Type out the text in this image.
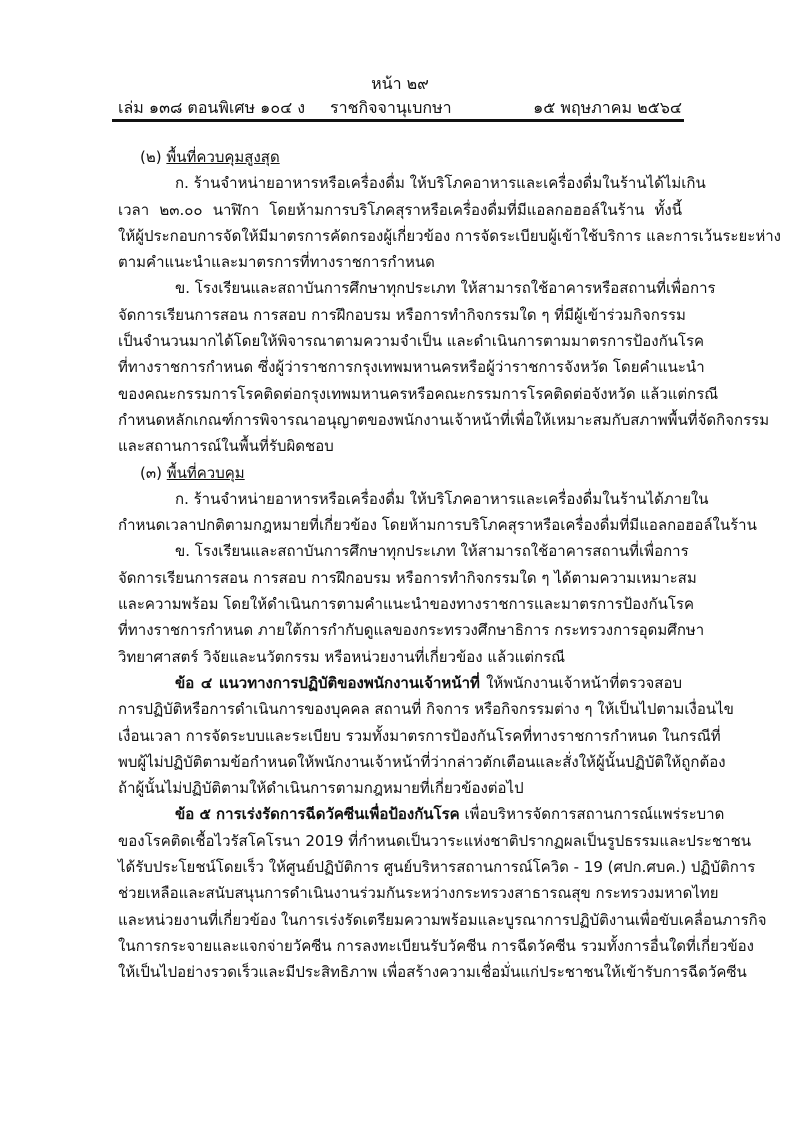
หน้า ๒๙
เล่ม ๑๓๘ ตอนพิเศษ ๑๐๔ ง ราชกิจจานุเบกษา	๑๕ พฤษภาคม ๒๕๖๔
(๒) พื้นที่ควบคุมสูงสุด
ก. ร้านจำหน่ายอาหารหรือเครื่องดื่ม ให้บริโภคอาหารและเครื่องดื่มในร้านได้ไม่เกิน
เวลา ๒๓.๐๐ นาฬิกา โดยห้ามการบริโภคสุราหรือเครื่องดื่มที่มีแอลกอฮอล์ในร้าน ทั้งนี้
ให้ผู้ประกอบการจัดให้มีมาตรการคัดกรองผู้เกี่ยวข้อง การจัดระเบียบผู้เข้าใช้บริการ และการเว้นระยะห่าง
ตามคำแนะนำและมาตรการที่ทางราชการกำหนด
ข. โรงเรียนและสถาบันการศึกษาทุกประเภท ให้สามารถใช้อาคารหรือสถานที่เพื่อการ
จัดการเรียนการสอน การสอบ การฝึกอบรม หรือการทำกิจกรรมใด ๆ ที่มีผู้เข้าร่วมกิจกรรม
เป็นจำนวนมากได้โดยให้พิจารณาตามความจำเป็น และดำเนินการตามมาตรการป้องกันโรค
ที่ทางราชการกำหนด ซึ่งผู้ว่าราชการกรุงเทพมหานครหรือผู้ว่าราชการจังหวัด โดยคำแนะนำ
ของคณะกรรมการโรคติดต่อกรุงเทพมหานครหรือคณะกรรมการโรคติดต่อจังหวัด แล้วแต่กรณี
กำหนดหลักเกณฑ์การพิจารณาอนุญาตของพนักงานเจ้าหน้าที่เพื่อให้เหมาะสมกับสภาพพื้นที่จัดกิจกรรม
และสถานการณ์ในพื้นที่รับผิดชอบ
(๓) พื้นที่ควบคุม
ก. ร้านจำหน่ายอาหารหรือเครื่องดื่ม ให้บริโภคอาหารและเครื่องดื่มในร้านได้ภายใน
กำหนดเวลาปกติตามกฎหมายที่เกี่ยวข้อง โดยห้ามการบริโภคสุราหรือเครื่องดื่มที่มีแอลกอฮอล์ในร้าน
ข. โรงเรียนและสถาบันการศึกษาทุกประเภท ให้สามารถใช้อาคารสถานที่เพื่อการ
จัดการเรียนการสอน การสอบ การฝึกอบรม หรือการทำกิจกรรมใด ๆ ได้ตามความเหมาะสม
และความพร้อม โดยให้ดำเนินการตามคำแนะนำของทางราชการและมาตรการป้องกันโรค
ที่ทางราชการกำหนด ภายใต้การกำกับดูแลของกระทรวงศึกษาธิการ กระทรวงการอุดมศึกษา
วิทยาศาสตร์ วิจัยและนวัตกรรม หรือหน่วยงานที่เกี่ยวข้อง แล้วแต่กรณี
ข้อ ๔ แนวทางการปฏิบัติของพนักงานเจ้าหน้าที่ ให้พนักงานเจ้าหน้าที่ตรวจสอบ
การปฏิบัติหรือการดำเนินการของบุคคล สถานที่ กิจการ หรือกิจกรรมต่าง ๆ ให้เป็นไปตามเงื่อนไข
เงื่อนเวลา การจัดระบบและระเบียบ รวมทั้งมาตรการป้องกันโรคที่ทางราชการกำหนด ในกรณีที่
พบผู้ไม่ปฏิบัติตามข้อกำหนดให้พนักงานเจ้าหน้าที่ว่ากล่าวตักเตือนและสั่งให้ผู้นั้นปฏิบัติให้ถูกต้อง
ถ้าผู้นั้นไม่ปฏิบัติตามให้ดำเนินการตามกฎหมายที่เกี่ยวข้องต่อไป
ข้อ ๕ การเร่งรัดการฉีดวัคซีนเพื่อป้องกันโรค เพื่อบริหารจัดการสถานการณ์แพร่ระบาด
ของโรคติดเชื้อไวรัสโคโรนา 2019 ที่กำหนดเป็นวาระแห่งชาติปรากฏผลเป็นรูปธรรมและประชาชน
ได้รับประโยชน์โดยเร็ว ให้ศูนย์ปฏิบัติการ ศูนย์บริหารสถานการณ์โควิด - 19 (ศปก.ศบค.) ปฏิบัติการ
ช่วยเหลือและสนับสนุนการดำเนินงานร่วมกันระหว่างกระทรวงสาธารณสุข กระทรวงมหาดไทย
และหน่วยงานที่เกี่ยวข้อง ในการเร่งรัดเตรียมความพร้อมและบูรณาการปฏิบัติงานเพื่อขับเคลื่อนภารกิจ
ในการกระจายและแจกจ่ายวัคซีน การลงทะเบียนรับวัคซีน การฉีดวัคซีน รวมทั้งการอื่นใดที่เกี่ยวข้อง
ให้เป็นไปอย่างรวดเร็วและมีประสิทธิภาพ เพื่อสร้างความเชื่อมั่นแก่ประชาชนให้เข้ารับการฉีดวัคซีน
